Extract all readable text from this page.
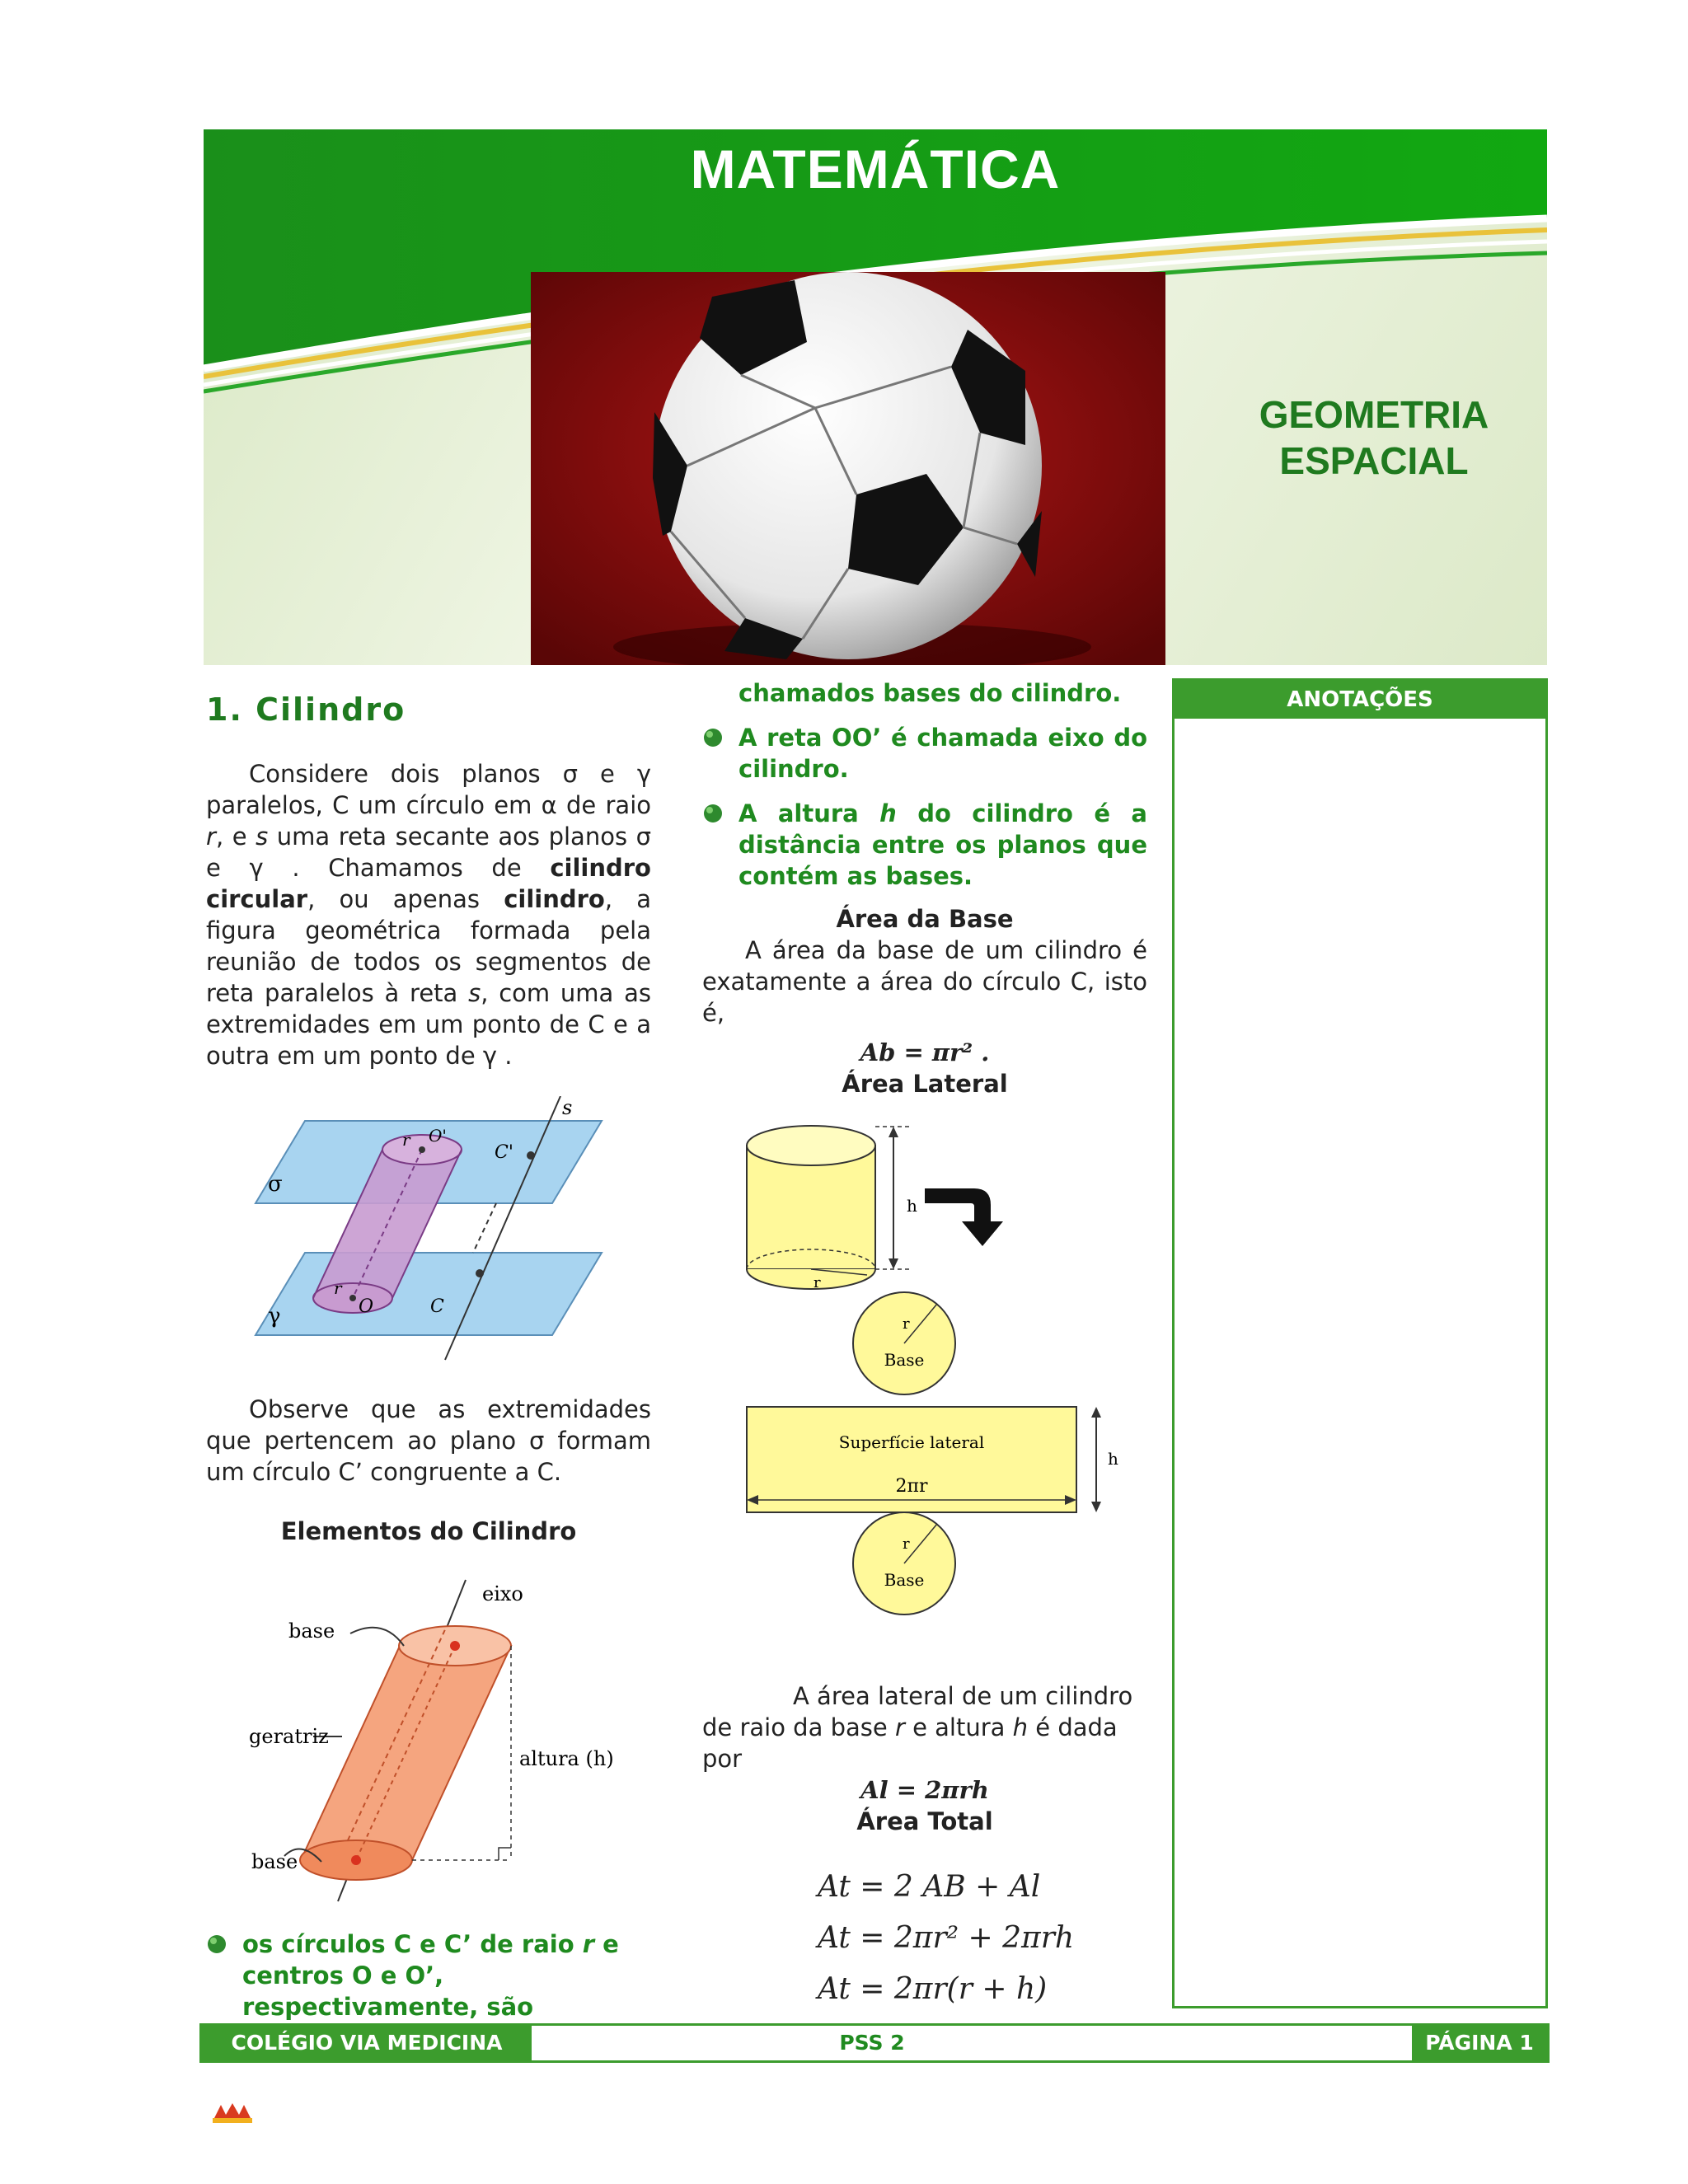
MATEMÁTICA
GEOMETRIA
ESPACIAL
1. Cilindro

Considere dois planos σ e γ paralelos, C um círculo em α de raio r, e s uma reta secante aos planos σ e γ . Chamamos de cilindro circular, ou apenas cilindro, a figura geométrica formada pela reunião de todos os segmentos de reta paralelos à reta s, com uma as extremidades em um ponto de C e a outra em um ponto de γ .

s
σ
γ
r O'
C'
r
O	C

Observe que as extremidades que pertencem ao plano σ formam um círculo C’ congruente a C.

Elementos do Cilindro

eixo
base
geratriz
altura (h)
base
os círculos C e C’ de raio r e centros O e O’, respectivamente, são

chamados bases do cilindro.

A reta OO’ é chamada eixo do cilindro.
A altura h do cilindro é a distância entre os planos que contém as bases.

Área da Base

A área da base de um cilindro é exatamente a área do círculo C, isto é,

Ab = πr² .

Área Lateral

h
r
r
Base
Superfície lateral
2πr
h
r
Base

A área lateral de um cilindro de raio da base r e altura h é dada por

Al = 2πrh

Área Total

At = 2 AB + Al
At = 2πr² + 2πrh
At = 2πr(r + h)
ANOTAÇÕES
COLÉGIO VIA MEDICINA	PSS 2	PÁGINA 1
